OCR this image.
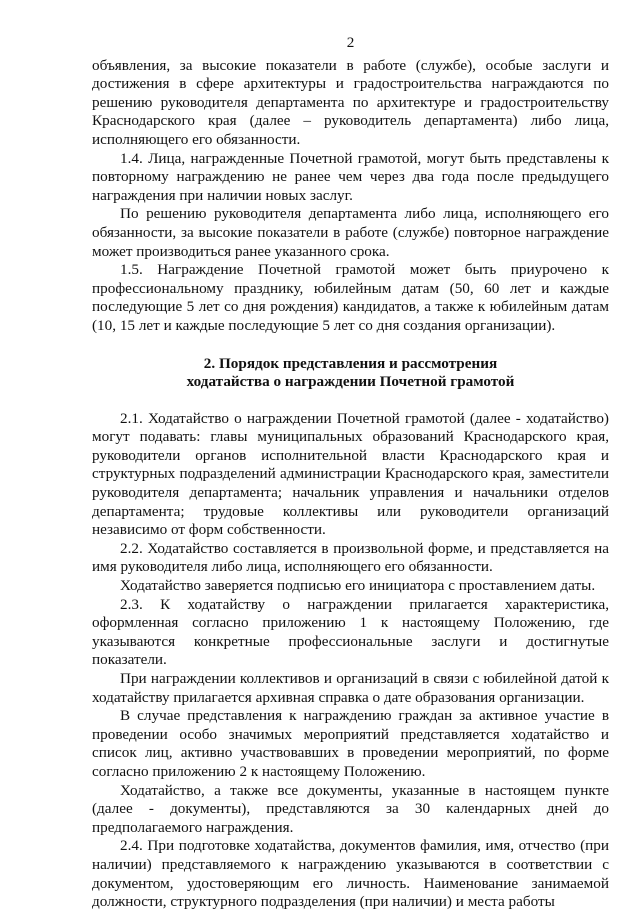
2

объявления, за высокие показатели в работе (службе), особые заслуги и достижения в сфере архитектуры и градостроительства награждаются по решению руководителя департамента по архитектуре и градостроительству Краснодарского края (далее – руководитель департамента) либо лица, исполняющего его обязанности.

1.4. Лица, награжденные Почетной грамотой, могут быть представлены к повторному награждению не ранее чем через два года после предыдущего награждения при наличии новых заслуг.

По решению руководителя департамента либо лица, исполняющего его обязанности, за высокие показатели в работе (службе) повторное награждение может производиться ранее указанного срока.

1.5. Награждение Почетной грамотой может быть приурочено к профессиональному празднику, юбилейным датам (50, 60 лет и каждые последующие 5 лет со дня рождения) кандидатов, а также к юбилейным датам (10, 15 лет и каждые последующие 5 лет со дня создания организации).

2. Порядок представления и рассмотрения
ходатайства о награждении Почетной грамотой

2.1. Ходатайство о награждении Почетной грамотой (далее - ходатайство) могут подавать: главы муниципальных образований Краснодарского края, руководители органов исполнительной власти Краснодарского края и структурных подразделений администрации Краснодарского края, заместители руководителя департамента; начальник управления и начальники отделов департамента; трудовые коллективы или руководители организаций независимо от форм собственности.

2.2. Ходатайство составляется в произвольной форме, и представляется на имя руководителя либо лица, исполняющего его обязанности.

Ходатайство заверяется подписью его инициатора с проставлением даты.

2.3. К ходатайству о награждении прилагается характеристика, оформленная согласно приложению 1 к настоящему Положению, где указываются конкретные профессиональные заслуги и достигнутые показатели.

При награждении коллективов и организаций в связи с юбилейной датой к ходатайству прилагается архивная справка о дате образования организации.

В случае представления к награждению граждан за активное участие в проведении особо значимых мероприятий представляется ходатайство и список лиц, активно участвовавших в проведении мероприятий, по форме согласно приложению 2 к настоящему Положению.

Ходатайство, а также все документы, указанные в настоящем пункте (далее - документы), представляются за 30 календарных дней до предполагаемого награждения.

2.4. При подготовке ходатайства, документов фамилия, имя, отчество (при наличии) представляемого к награждению указываются в соответствии с документом, удостоверяющим его личность. Наименование занимаемой должности, структурного подразделения (при наличии) и места работы
